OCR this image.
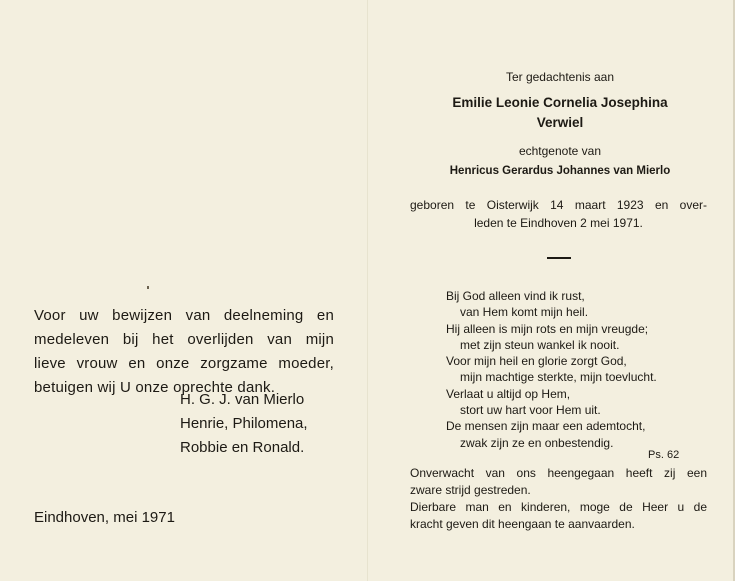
Voor uw bewijzen van deelneming en
medeleven bij het overlijden van mijn
lieve vrouw en onze zorgzame moeder,
betuigen wij U onze oprechte dank.

H. G. J. van Mierlo
Henrie, Philomena,
Robbie en Ronald.
Eindhoven, mei 1971
Ter gedachtenis aan
Emilie Leonie Cornelia Josephina
Verwiel
echtgenote van
Henricus Gerardus Johannes van Mierlo
geboren te Oisterwijk 14 maart 1923 en over-
leden te Eindhoven 2 mei 1971.
Bij God alleen vind ik rust,
van Hem komt mijn heil.
Hij alleen is mijn rots en mijn vreugde;
met zijn steun wankel ik nooit.
Voor mijn heil en glorie zorgt God,
mijn machtige sterkte, mijn toevlucht.
Verlaat u altijd op Hem,
stort uw hart voor Hem uit.
De mensen zijn maar een ademtocht,
zwak zijn ze en onbestendig.
Ps. 62
Onverwacht van ons heengegaan heeft zij een
zware strijd gestreden.
Dierbare man en kinderen, moge de Heer u de
kracht geven dit heengaan te aanvaarden.
